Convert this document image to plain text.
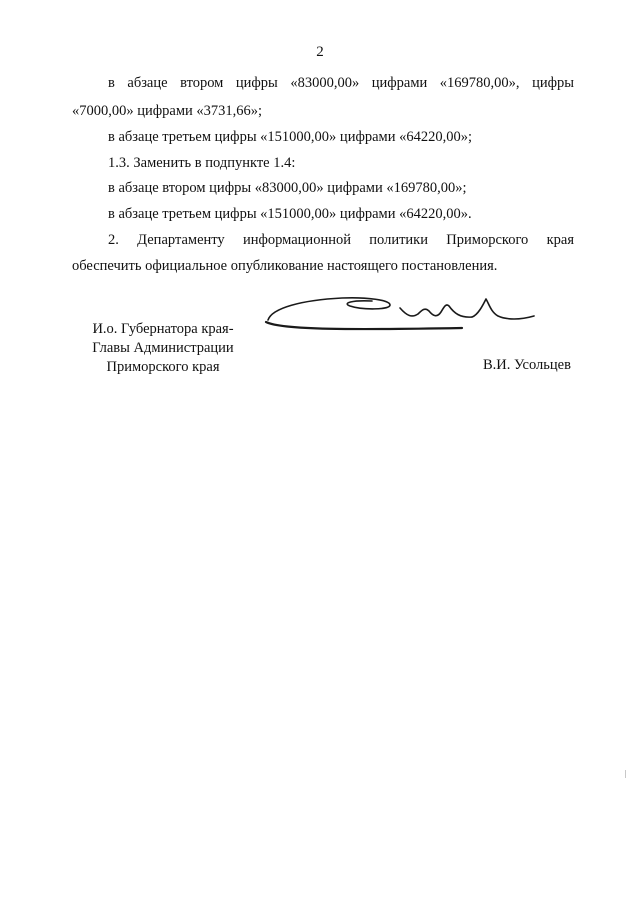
2
в абзаце втором цифры «83000,00» цифрами «169780,00», цифры
«7000,00» цифрами «3731,66»;
в абзаце третьем цифры «151000,00» цифрами «64220,00»;
1.3. Заменить в подпункте 1.4:
в абзаце втором цифры «83000,00» цифрами «169780,00»;
в абзаце третьем цифры «151000,00» цифрами «64220,00».
2. Департаменту информационной политики Приморского края
обеспечить официальное опубликование настоящего постановления.
И.о. Губернатора края-
Главы Администрации
Приморского края	В.И. Усольцев
